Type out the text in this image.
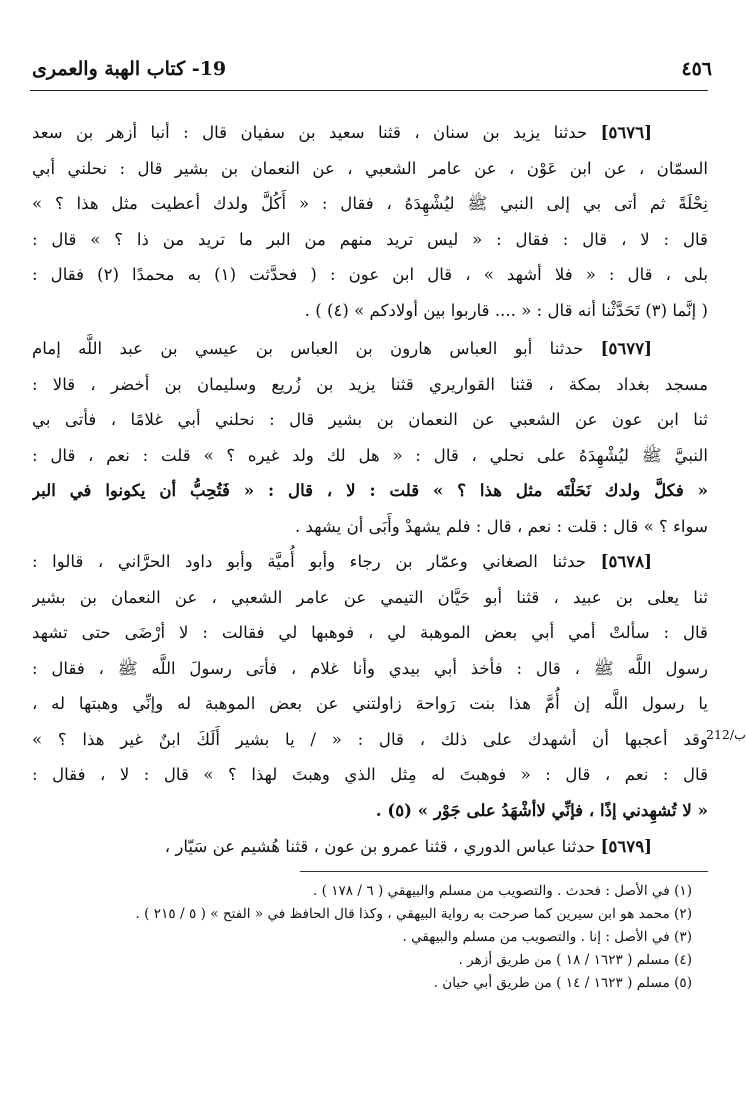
٤٥٦
19- كتاب الهبة والعمرى
[٥٦٧٦] حدثنا يزيد بن سنان ، قثنا سعيد بن سفيان قال : أنبا أزهر بن سعد
السمّان ، عن ابن عَوْن ، عن عامر الشعبي ، عن النعمان بن بشير قال : نحلني أبي
نِحْلَةً ثم أتى بي إلى النبي ﷺ ليُشْهِدَهُ ، فقال : « أَكُلَّ ولدك أعطيت مثل هذا ؟ »
قال : لا ، قال : فقال : « ليس تريد منهم من البر ما تريد من ذا ؟ » قال :
بلى ، قال : « فلا أشهد » ، قال ابن عون : ( فحدَّثت (١) به محمدًا (٢) فقال :
( إنَّما (٣) تَحَدَّثْنا أنه قال : « .... قاربوا بين أولادكم » (٤) ) .
[٥٦٧٧] حدثنا أبو العباس هارون بن العباس بن عيسي بن عبد اللَّه إمام
مسجد بغداد بمكة ، قثنا القواريري قثنا يزيد بن زُريع وسليمان بن أخضر ، قالا :
ثنا ابن عون عن الشعبي عن النعمان بن بشير قال : نحلني أبي غلامًا ، فأتى بي
النبيَّ ﷺ ليُشْهِدَهُ على نحلي ، قال : « هل لك ولد غيره ؟ » قلت : نعم ، قال :
« فكلَّ ولدك نَحَلْتَه مثل هذا ؟ » قلت : لا ، قال : « فَتُحِبُّ أن يكونوا في البر
سواء ؟ » قال : قلت : نعم ، قال : فلم يشهدْ وأَبَى أن يشهد .
[٥٦٧٨] حدثنا الصغاني وعمّار بن رجاء وأبو أُميَّة وأبو داود الحرَّاني ، قالوا :
ثنا يعلى بن عبيد ، قثنا أبو حَيَّان التيمي عن عامر الشعبي ، عن النعمان بن بشير
قال : سألتْ أمي أبي بعض الموهبة لي ، فوهبها لي فقالت : لا أرْضَى حتى تشهد
رسول اللَّه ﷺ ، قال : فأخذ أبي بيدي وأنا غلام ، فأتى رسولَ اللَّه ﷺ ، فقال :
يا رسول اللَّه إن أُمَّ هذا بنت رَواحة زاولتني عن بعض الموهبة له وإنِّي وهبتها له ،
وقد أعجبها أن أشهدك على ذلك ، قال : « / يا بشير أَلَكَ ابنٌ غير هذا ؟ »
قال : نعم ، قال : « فوهبتَ له مِثل الذي وهبتَ لهذا ؟ » قال : لا ، فقال :
« لا تُشهِدني إذًا ، فإنِّي لاأشْهَدُ على جَوْر » (٥) .
212/ب
[٥٦٧٩] حدثنا عباس الدوري ، قثنا عمرو بن عون ، قثنا هُشيم عن سَيّار ،
(١) في الأصل : فحدث . والتصويب من مسلم والبيهقي ( ٦ / ١٧٨ ) .
(٢) محمد هو ابن سيرين كما صرحت به رواية البيهقي ، وكذا قال الحافظ في « الفتح » ( ٥ / ٢١٥ ) .
(٣) في الأصل : إنا . والتصويب من مسلم والبيهقي .
(٤) مسلم ( ١٦٢٣ / ١٨ ) من طريق أزهر .
(٥) مسلم ( ١٦٢٣ / ١٤ ) من طريق أبي حيان .
